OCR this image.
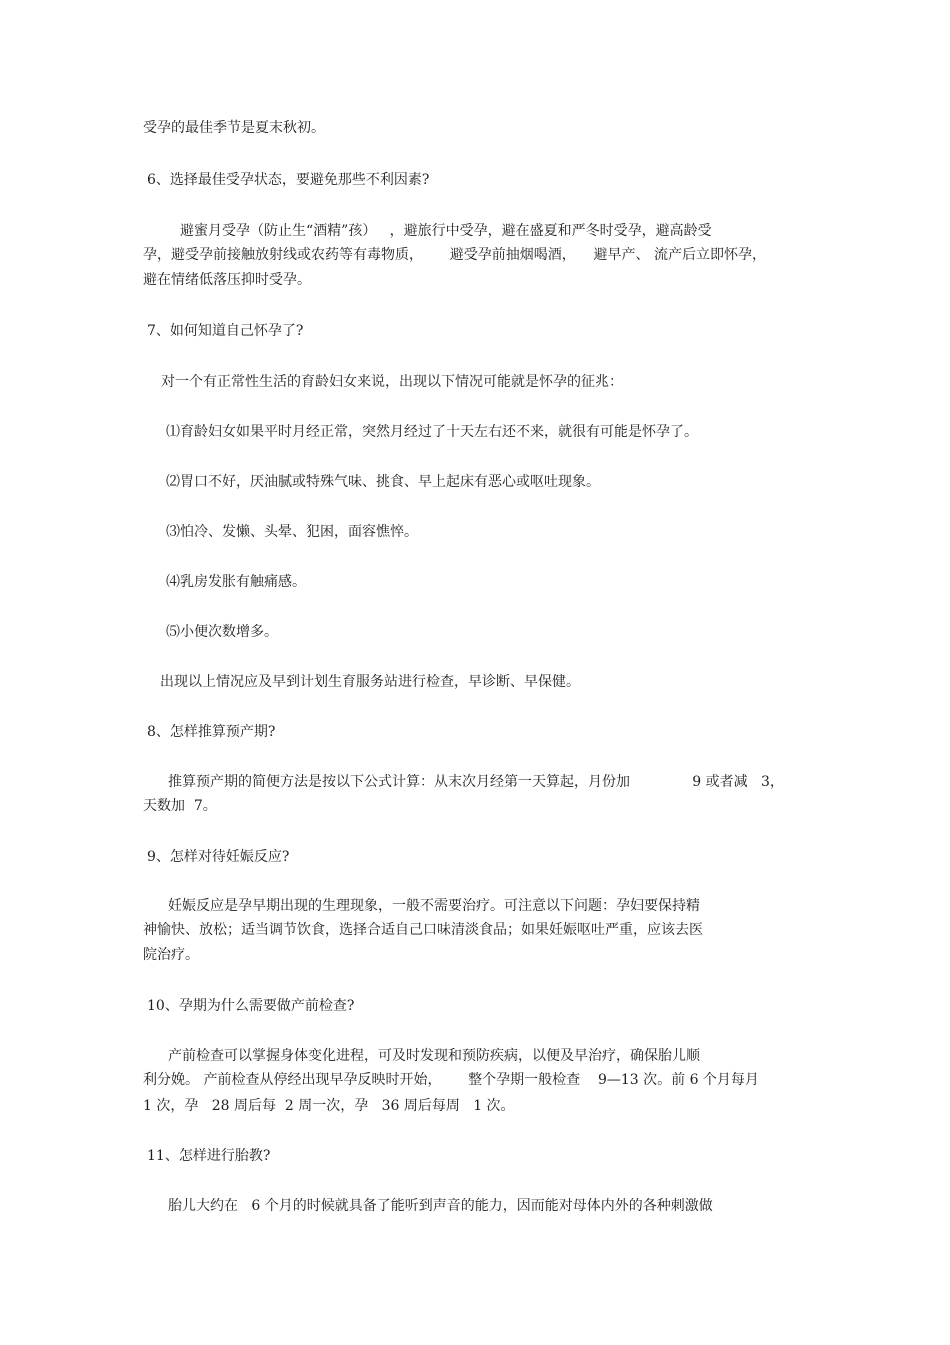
受孕的最佳季节是夏末秋初。
6、选择最佳受孕状态，要避免那些不利因素?
避蜜月受孕（防止生“酒精”孩）   ，避旅行中受孕，避在盛夏和严冬时受孕，避高龄受
孕，避受孕前接触放射线或农药等有毒物质，      避受孕前抽烟喝酒，    避早产、 流产后立即怀孕，
避在情绪低落压抑时受孕。
7、如何知道自己怀孕了?
对一个有正常性生活的育龄妇女来说，出现以下情况可能就是怀孕的征兆：
⑴育龄妇女如果平时月经正常，突然月经过了十天左右还不来，就很有可能是怀孕了。
⑵胃口不好，厌油腻或特殊气味、挑食、早上起床有恶心或呕吐现象。
⑶怕冷、发懒、头晕、犯困，面容憔悴。
⑷乳房发胀有触痛感。
⑸小便次数增多。
出现以上情况应及早到计划生育服务站进行检查，早诊断、早保健。
8、怎样推算预产期?
推算预产期的简便方法是按以下公式计算：从末次月经第一天算起，月份加              9 或者减   3，
天数加  7。
9、怎样对待妊娠反应?
妊娠反应是孕早期出现的生理现象，一般不需要治疗。可注意以下问题：孕妇要保持精
神愉快、放松；适当调节饮食，选择合适自己口味清淡食品；如果妊娠呕吐严重，应该去医
院治疗。
10、孕期为什么需要做产前检查?
产前检查可以掌握身体变化进程，可及时发现和预防疾病，以便及早治疗，确保胎儿顺
利分娩。 产前检查从停经出现早孕反映时开始，      整个孕期一般检查    9—13 次。前 6 个月每月
1 次，孕   28 周后每  2 周一次，孕   36 周后每周   1 次。
11、怎样进行胎教?
胎儿大约在   6 个月的时候就具备了能听到声音的能力，因而能对母体内外的各种刺激做
